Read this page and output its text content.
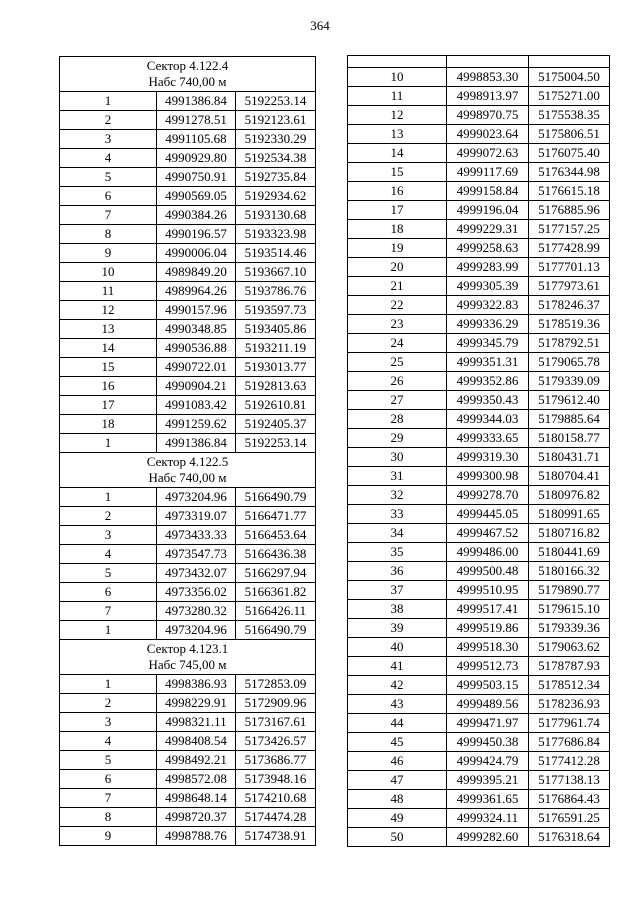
364
Сектор 4.122.4
Набс 740,00 м		

1	4991386.84	5192253.14
2	4991278.51	5192123.61
3	4991105.68	5192330.29
4	4990929.80	5192534.38
5	4990750.91	5192735.84
6	4990569.05	5192934.62
7	4990384.26	5193130.68
8	4990196.57	5193323.98
9	4990006.04	5193514.46
10	4989849.20	5193667.10
11	4989964.26	5193786.76
12	4990157.96	5193597.73
13	4990348.85	5193405.86
14	4990536.88	5193211.19
15	4990722.01	5193013.77
16	4990904.21	5192813.63
17	4991083.42	5192610.81
18	4991259.62	5192405.37
1	4991386.84	5192253.14

Сектор 4.122.5
Набс 740,00 м		

1	4973204.96	5166490.79
2	4973319.07	5166471.77
3	4973433.33	5166453.64
4	4973547.73	5166436.38
5	4973432.07	5166297.94
6	4973356.02	5166361.82
7	4973280.32	5166426.11
1	4973204.96	5166490.79

Сектор 4.123.1
Набс 745,00 м		

1	4998386.93	5172853.09
2	4998229.91	5172909.96
3	4998321.11	5173167.61
4	4998408.54	5173426.57
5	4998492.21	5173686.77
6	4998572.08	5173948.16
7	4998648.14	5174210.68
8	4998720.37	5174474.28
9	4998788.76	5174738.91

10	4998853.30	5175004.50
11	4998913.97	5175271.00
12	4998970.75	5175538.35
13	4999023.64	5175806.51
14	4999072.63	5176075.40
15	4999117.69	5176344.98
16	4999158.84	5176615.18
17	4999196.04	5176885.96
18	4999229.31	5177157.25
19	4999258.63	5177428.99
20	4999283.99	5177701.13
21	4999305.39	5177973.61
22	4999322.83	5178246.37
23	4999336.29	5178519.36
24	4999345.79	5178792.51
25	4999351.31	5179065.78
26	4999352.86	5179339.09
27	4999350.43	5179612.40
28	4999344.03	5179885.64
29	4999333.65	5180158.77
30	4999319.30	5180431.71
31	4999300.98	5180704.41
32	4999278.70	5180976.82
33	4999445.05	5180991.65
34	4999467.52	5180716.82
35	4999486.00	5180441.69
36	4999500.48	5180166.32
37	4999510.95	5179890.77
38	4999517.41	5179615.10
39	4999519.86	5179339.36
40	4999518.30	5179063.62
41	4999512.73	5178787.93
42	4999503.15	5178512.34
43	4999489.56	5178236.93
44	4999471.97	5177961.74
45	4999450.38	5177686.84
46	4999424.79	5177412.28
47	4999395.21	5177138.13
48	4999361.65	5176864.43
49	4999324.11	5176591.25
50	4999282.60	5176318.64
